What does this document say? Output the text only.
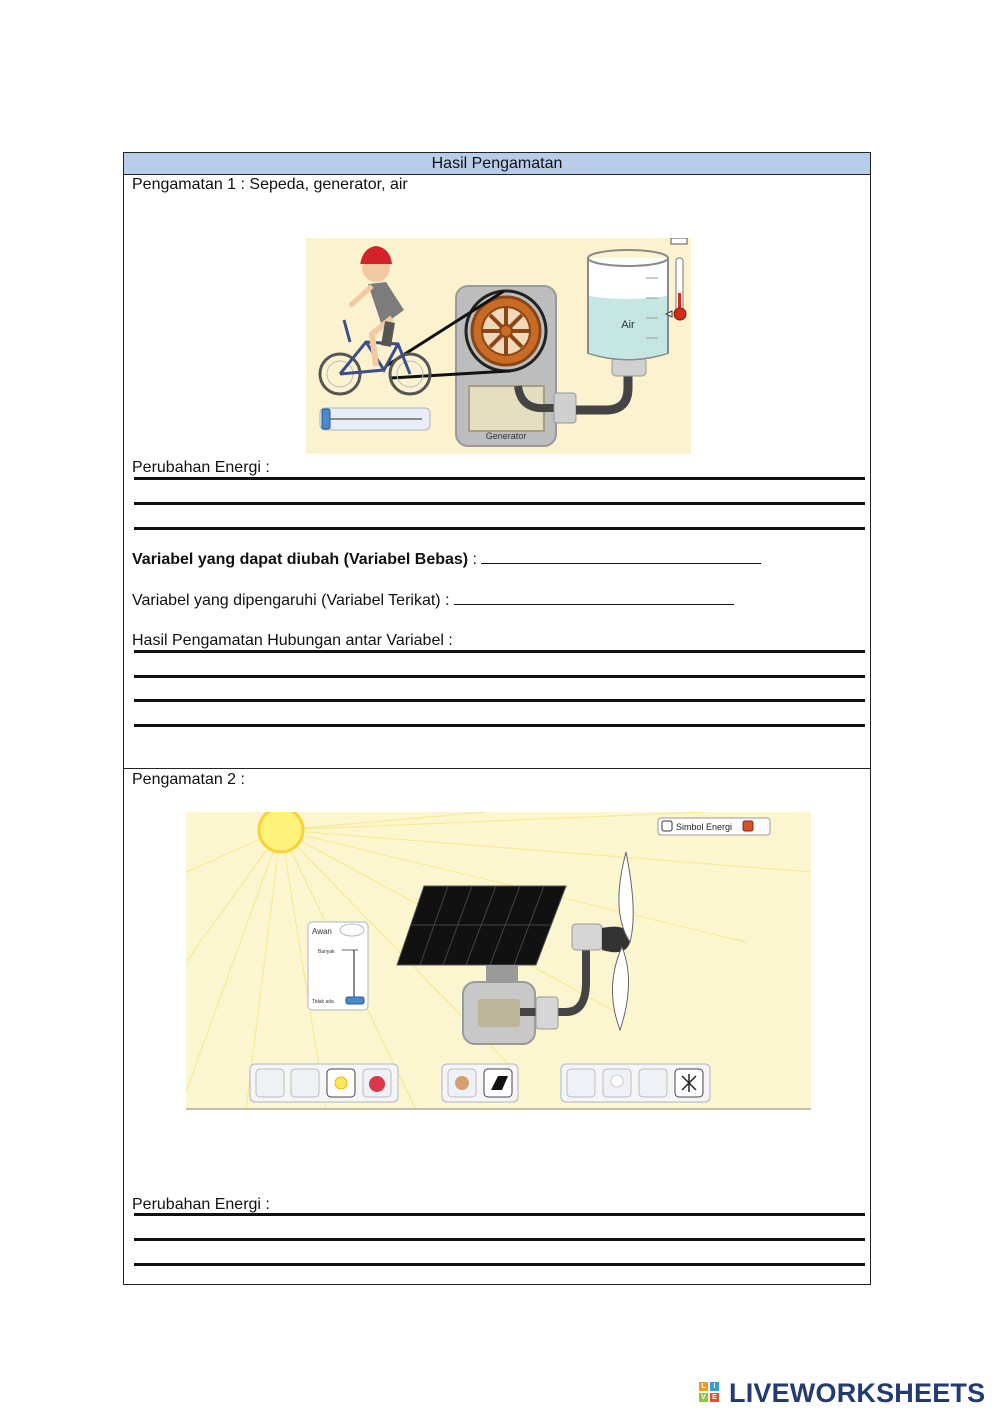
Hasil Pengamatan
Pengamatan 1 : Sepeda, generator, air
Generator
Air
Perubahan Energi :
Variabel yang dapat diubah (Variabel Bebas) :
Variabel yang dipengaruhi (Variabel Terikat) :
Hasil Pengamatan Hubungan antar Variabel :
Pengamatan 2 :
Simbol Energi
Awan
Banyak
Tidak ada
Perubahan Energi :
L	I
V E LIVEWORKSHEETS
